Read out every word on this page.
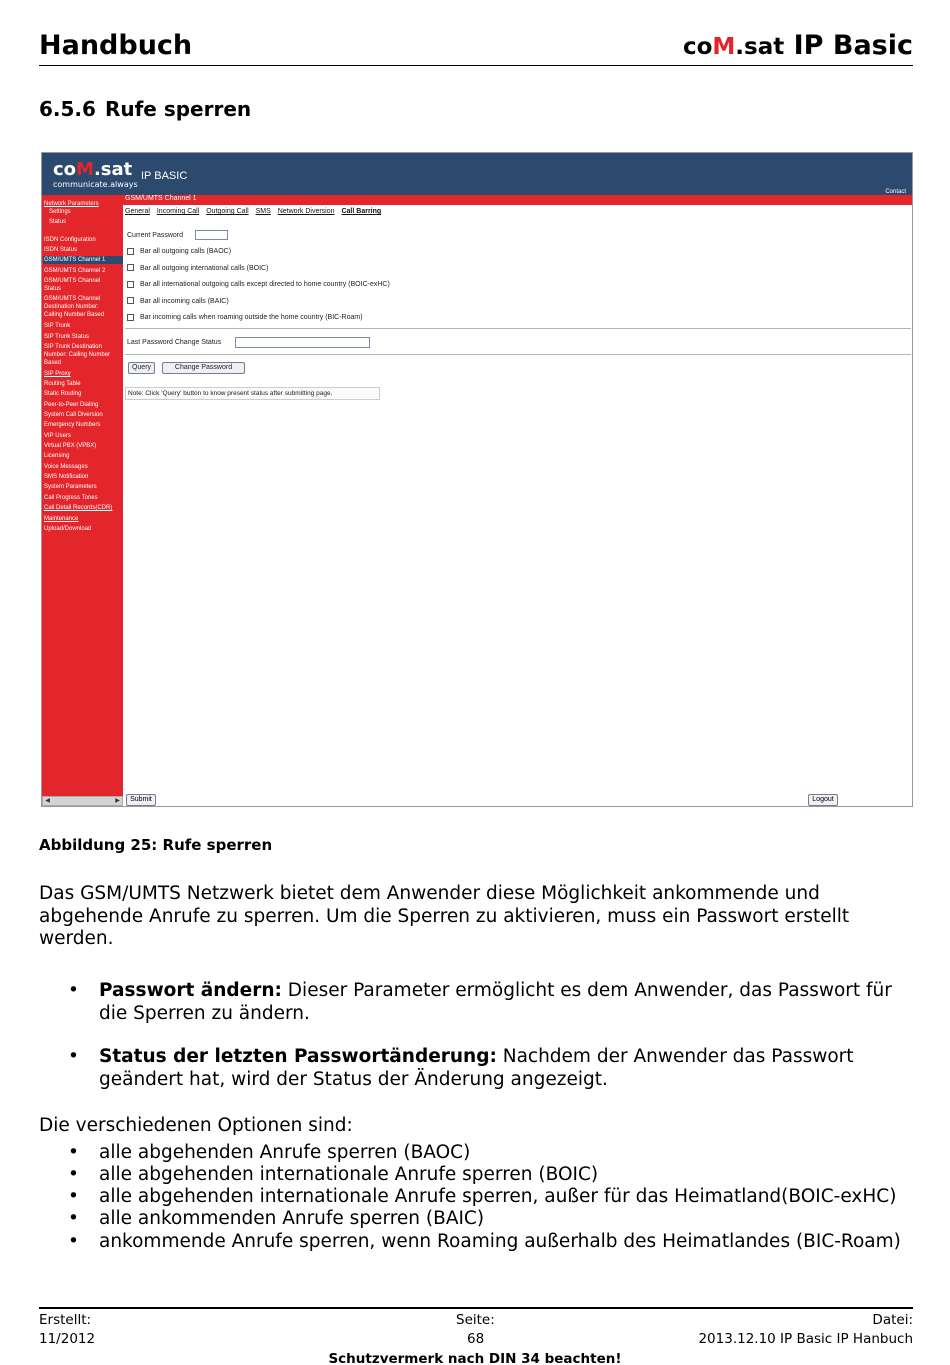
Handbuch	coM.sat IP Basic
6.5.6 Rufe sperren
coM.sat
communicate.always
IP BASIC
Contact
GSM/UMTS Channel 1
Network Parameters
Settings
Status
ISDN Configuration
ISDN Status
GSM/UMTS Channel 1
GSM/UMTS Channel 2
GSM/UMTS Channel
Status
GSM/UMTS Channel
Destination Number:
Calling Number Based
SIP Trunk
SIP Trunk Status
SIP Trunk Destination
Number: Calling Number
Based
SIP Proxy
Routing Table
Static Routing
Peer-to-Peer Dialing
System Call Diversion
Emergency Numbers
VIP Users
Virtual PBX (VPBX)
Licensing
Voice Messages
SMS Notification
System Parameters
Call Progress Tones
Call Detail Records(CDR)
Maintenance
Upload/Download
◀	▶
General Incoming Call Outgoing Call SMS Network Diversion Call Barring
Current Password
Bar all outgoing calls (BAOC)
Bar all outgoing international calls (BOIC)
Bar all international outgoing calls except directed to home country (BOIC-exHC)
Bar all incoming calls (BAIC)
Bar incoming calls when roaming outside the home country (BIC-Roam)
Last Password Change Status
Query	Change Password
Note: Click 'Query' button to know present status after submitting page.
Submit	Logout
Abbildung 25: Rufe sperren
Das GSM/UMTS Netzwerk bietet dem Anwender diese Möglichkeit ankommende und abgehende Anrufe zu sperren. Um die Sperren zu aktivieren, muss ein Passwort erstellt werden.
• Passwort ändern: Dieser Parameter ermöglicht es dem Anwender, das Passwort für die Sperren zu ändern.
• Status der letzten Passwortänderung: Nachdem der Anwender das Passwort geändert hat, wird der Status der Änderung angezeigt.
Die verschiedenen Optionen sind:
• alle abgehenden Anrufe sperren (BAOC)
• alle abgehenden internationale Anrufe sperren (BOIC)
• alle abgehenden internationale Anrufe sperren, außer für das Heimatland(BOIC-exHC)
• alle ankommenden Anrufe sperren (BAIC)
• ankommende Anrufe sperren, wenn Roaming außerhalb des Heimatlandes (BIC-Roam)
Erstellt:
11/2012
Seite:
68
Datei:
2013.12.10 IP Basic IP Hanbuch
Schutzvermerk nach DIN 34 beachten!
